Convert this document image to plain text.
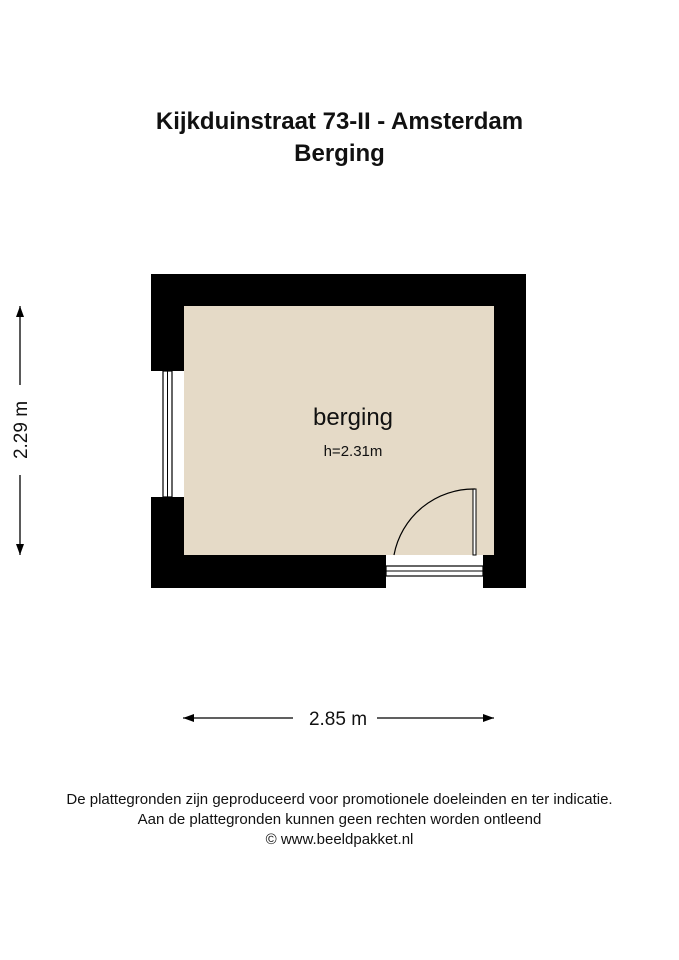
Kijkduinstraat 73-II - Amsterdam
Berging
berging
h=2.31m
2.85 m
2.29 m
De plattegronden zijn geproduceerd voor promotionele doeleinden en ter indicatie.
Aan de plattegronden kunnen geen rechten worden ontleend
© www.beeldpakket.nl
